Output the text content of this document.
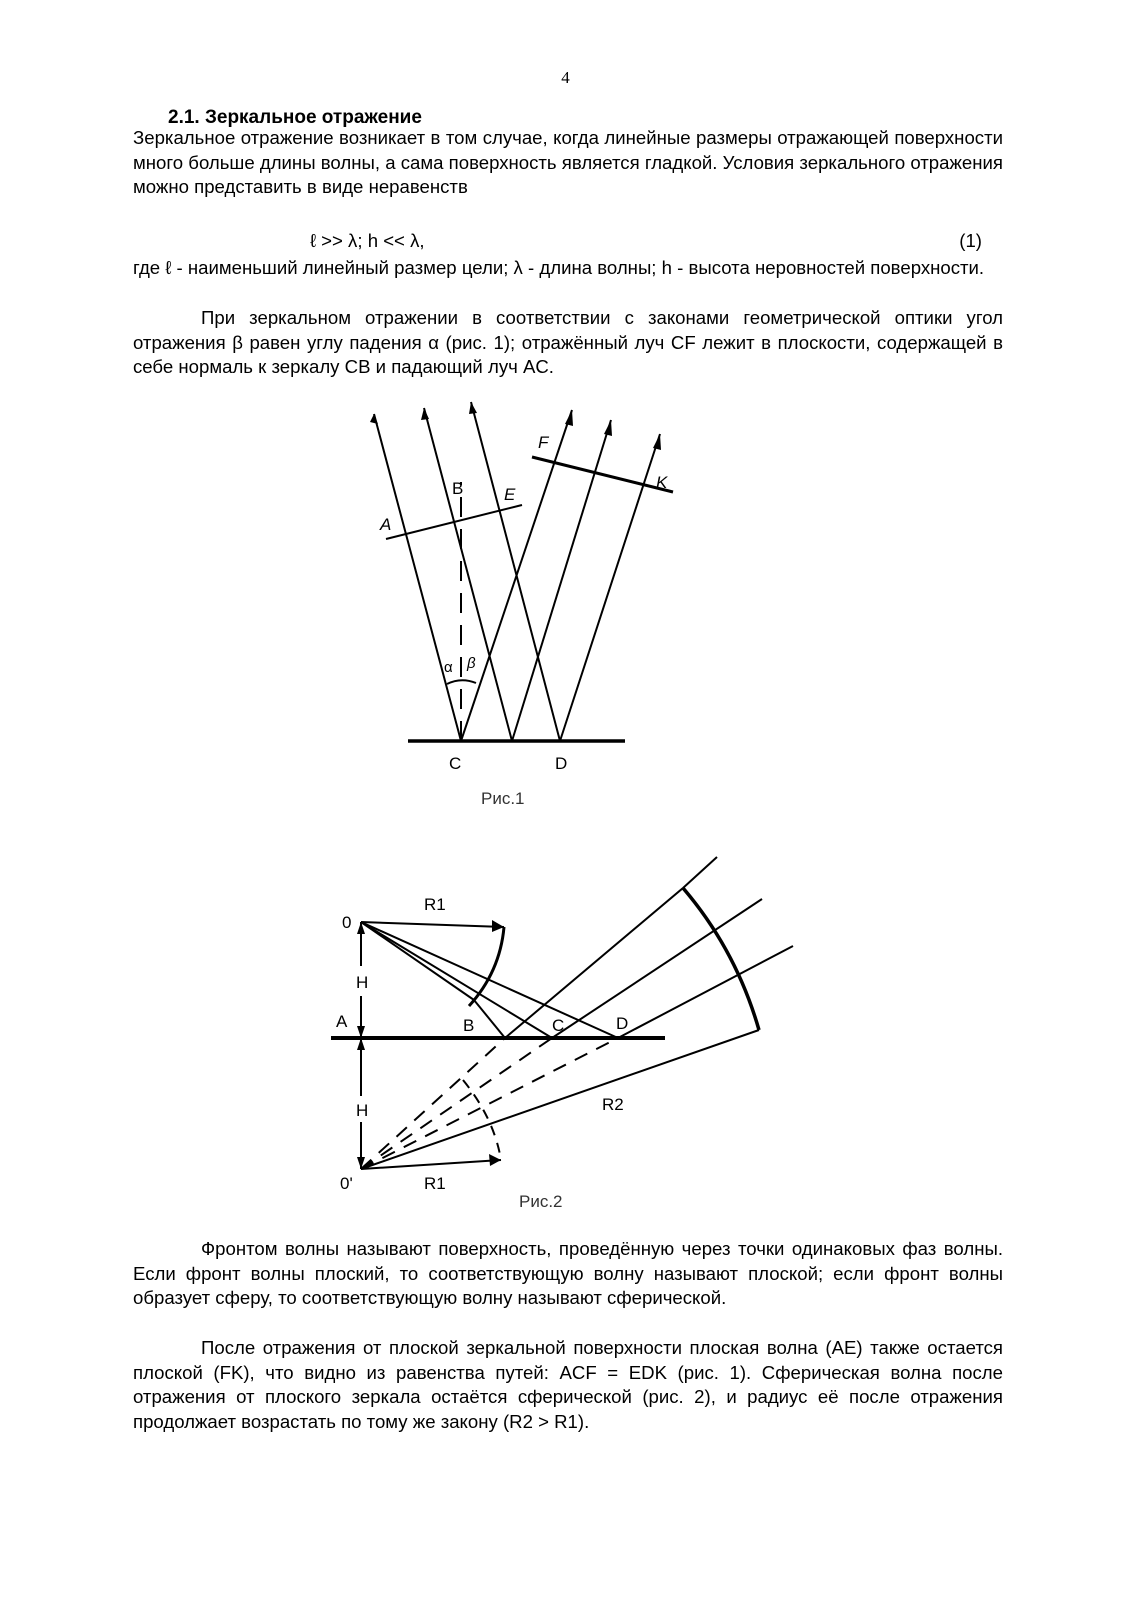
4
2.1. Зеркальное отражение

Зеркальное отражение возникает в том случае, когда линейные размеры отражающей поверхности много больше длины волны, а сама поверхность является гладкой. Условия зеркального отражения можно представить в виде неравенств

ℓ >> λ; h << λ,	(1)

где ℓ - наименьший линейный размер цели; λ - длина волны; h - высота неровностей поверхности.

При зеркальном отражении в соответствии с законами геометрической оптики угол отражения β равен углу падения α (рис. 1); отражённый луч CF лежит в плоскости, содержащей в себе нормаль к зеркалу CB и падающий луч AC.

A
B E
F
K
C	D
α β
Рис.1
0
0'
R1
R1
R2
H
H
A	B	C	D
Рис.2

Фронтом волны называют поверхность, проведённую через точки одинаковых фаз волны. Если фронт волны плоский, то соответствующую волну называют плоской; если фронт волны образует сферу, то соответствующую волну называют сферической.

После отражения от плоской зеркальной поверхности плоская волна (AE) также остается плоской (FK), что видно из равенства путей: ACF = EDK (рис. 1). Сферическая волна после отражения от плоского зеркала остаётся сферической (рис. 2), и радиус её после отражения продолжает возрастать по тому же закону (R2 > R1).
